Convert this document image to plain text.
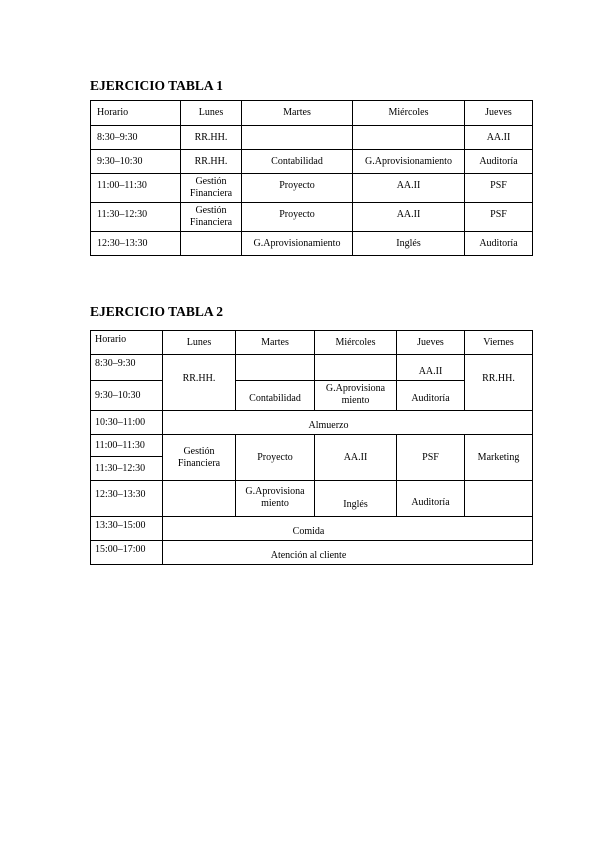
EJERCICIO TABLA 1
Horario	Lunes	Martes	Miércoles	Jueves
8:30–9:30	RR.HH.			AA.II
9:30–10:30	RR.HH.	Contabilidad	G.Aprovisionamiento	Auditoría
11:00–11:30	Gestión Financiera	Proyecto	AA.II	PSF
11:30–12:30	Gestión Financiera	Proyecto	AA.II	PSF
12:30–13:30		G.Aprovisionamiento	Inglés	Auditoría
EJERCICIO TABLA 2
Horario	Lunes	Martes	Miércoles	Jueves	Viernes
8:30–9:30	RR.HH.			AA.II	RR.HH.
9:30–10:30		Contabilidad	G.Aprovisiona miento	Auditoría	
10:30–11:00	Almuerzo				
11:00–11:30	Gestión Financiera	Proyecto	AA.II	PSF	Marketing
11:30–12:30					
12:30–13:30		G.Aprovisiona miento	Inglés	Auditoría	
13:30–15:00	Comida				
15:00–17:00	Atención al cliente				
